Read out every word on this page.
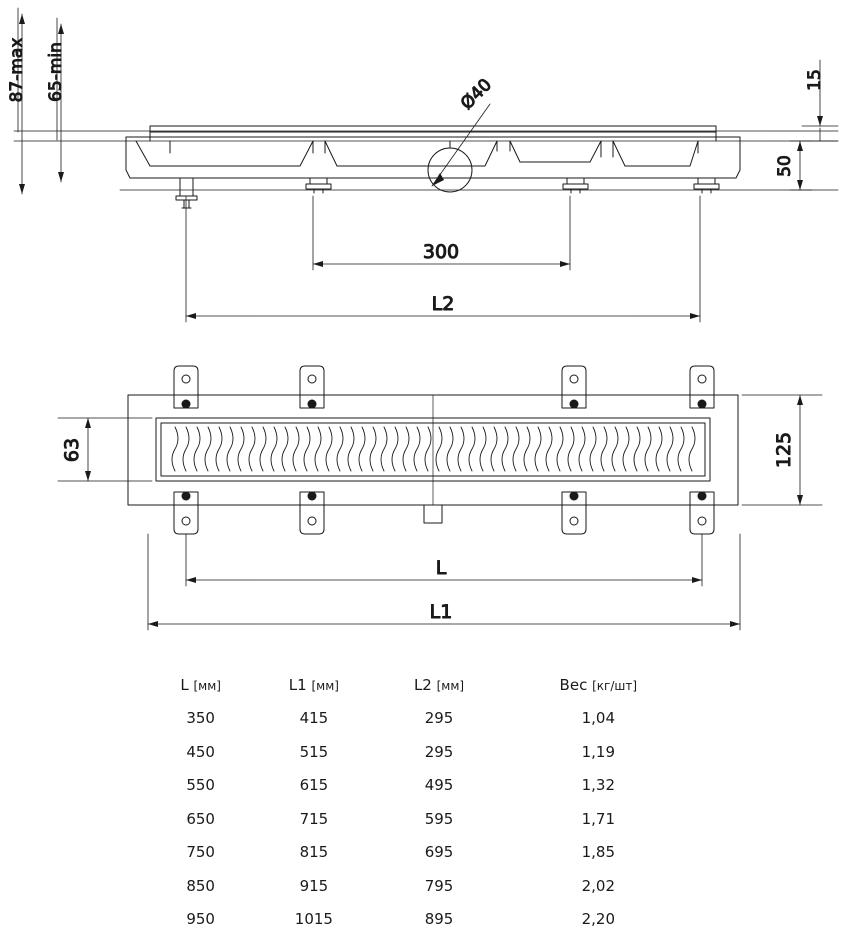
87-max 65-min	15
50
Ø40
300
L2
63	125
L
L1
L [мм]	L1 [мм]	L2 [мм]	Вес [кг/шт]
350	415	295	1,04
450	515	295	1,19
550	615	495	1,32
650	715	595	1,71
750	815	695	1,85
850	915	795	2,02
950	1015	895	2,20
